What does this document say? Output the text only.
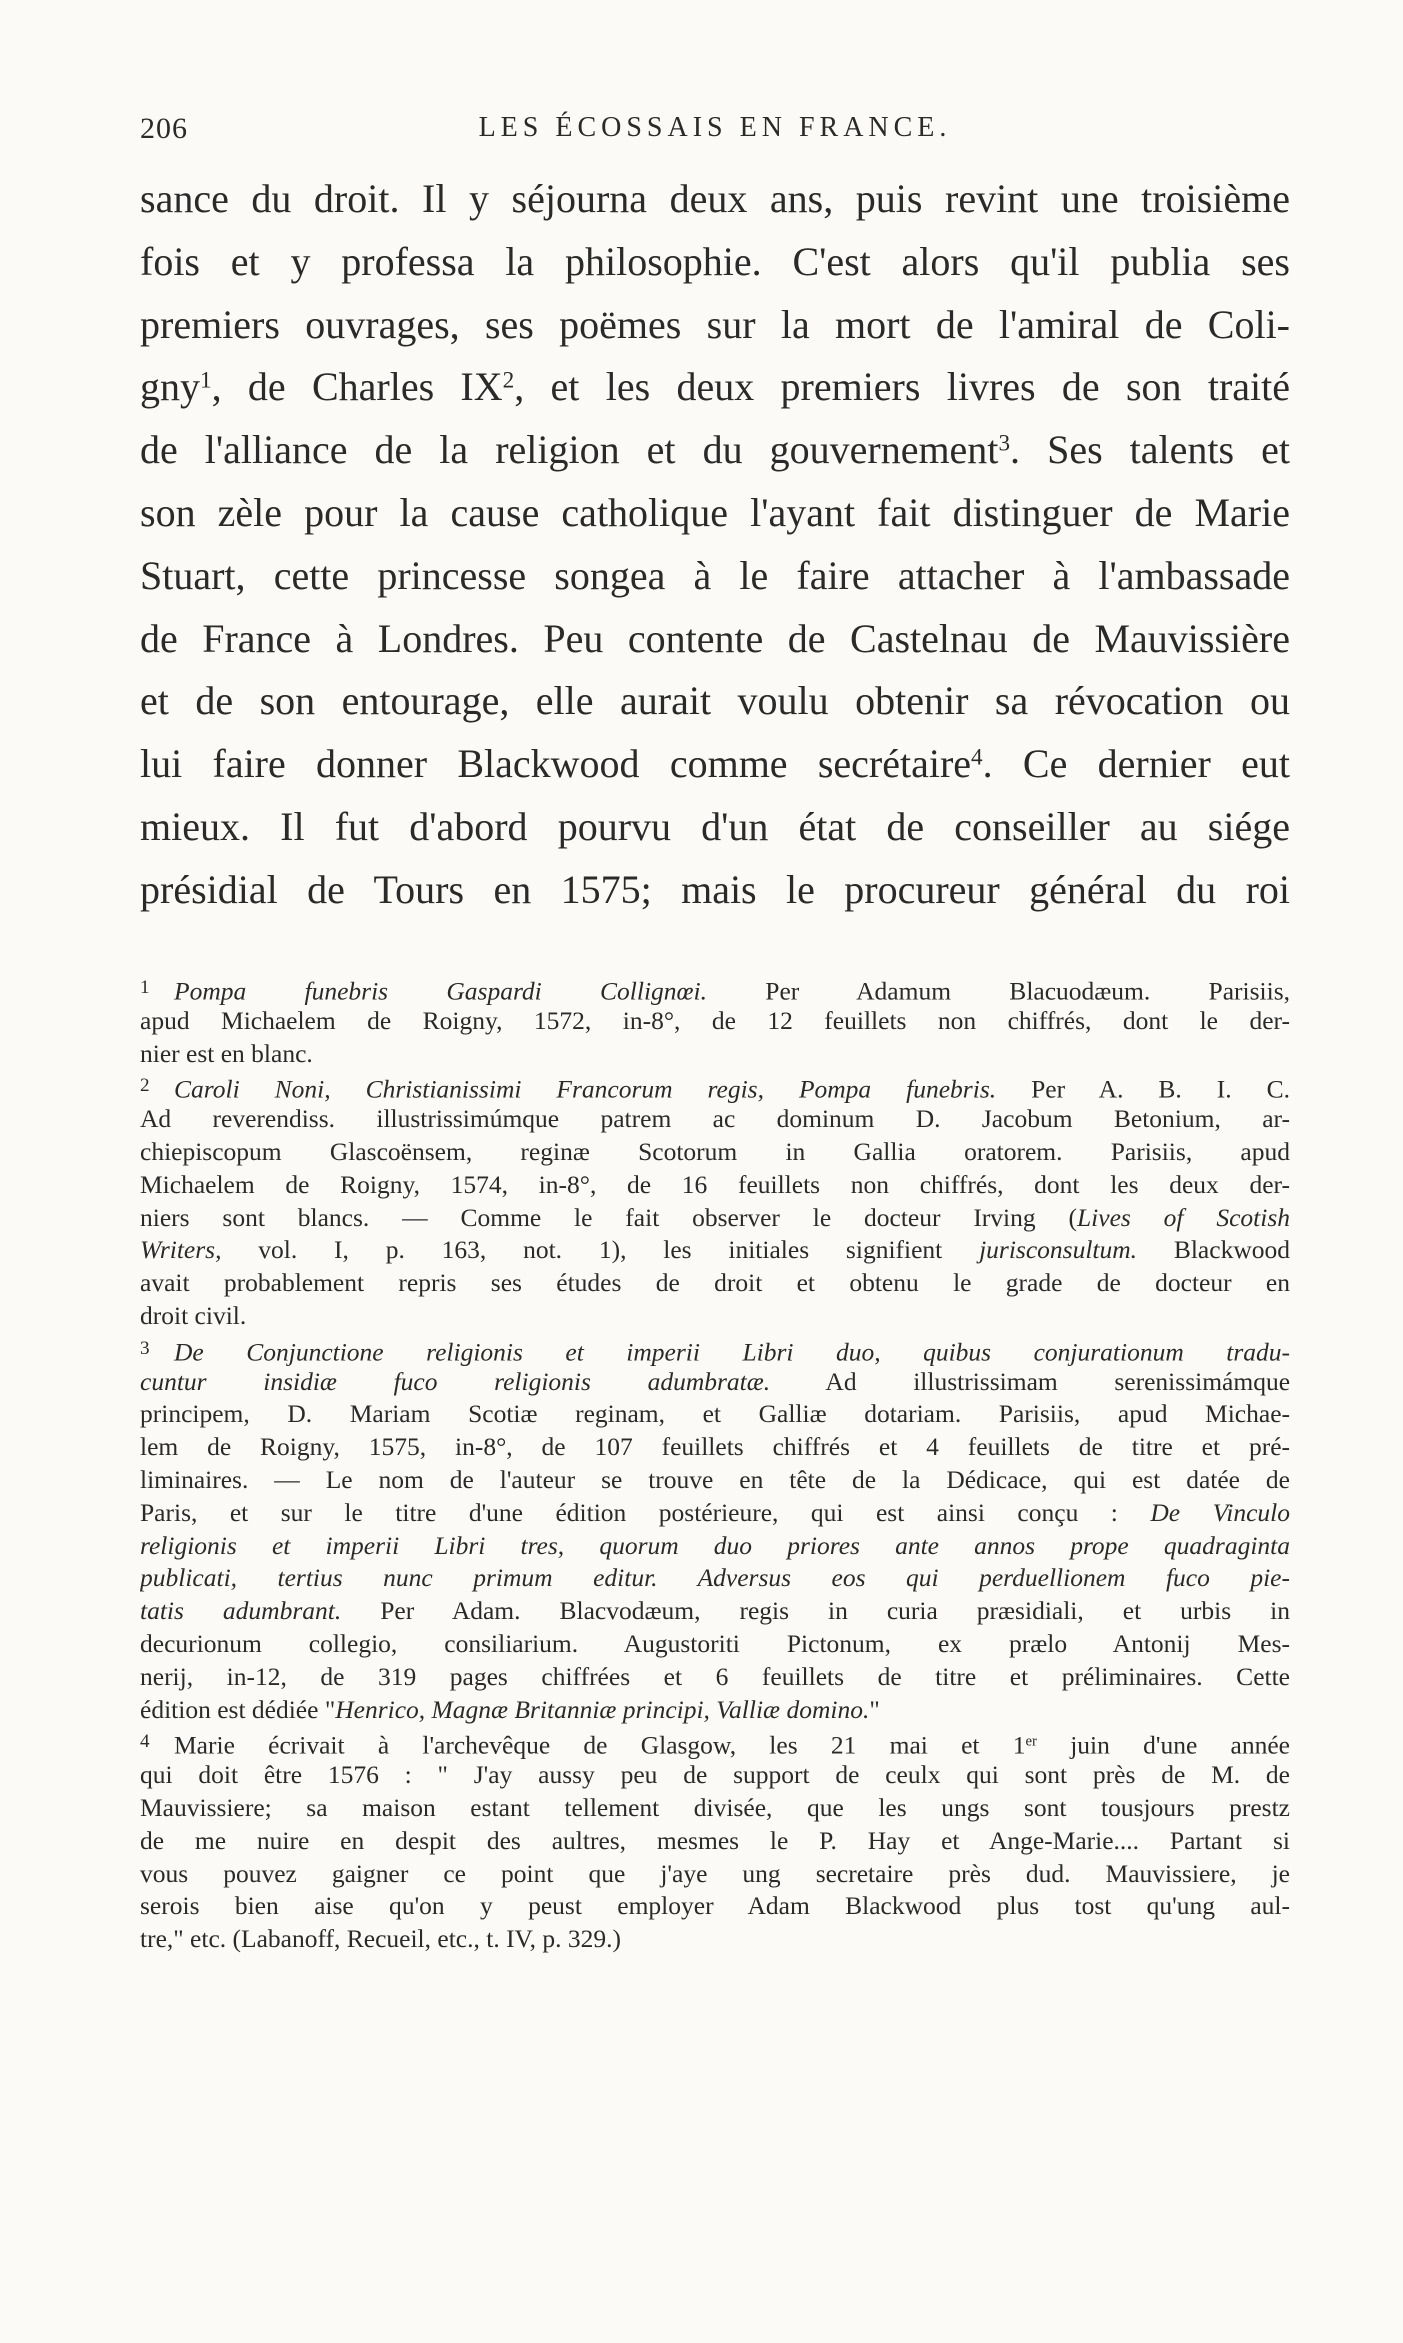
206	LES ÉCOSSAIS EN FRANCE.
sance du droit. Il y séjourna deux ans, puis revint une troisième
fois et y professa la philosophie. C'est alors qu'il publia ses
premiers ouvrages, ses poëmes sur la mort de l'amiral de Coli-
gny$^1$, de Charles $IX^2$, et les deux premiers livres de son traité
de l'alliance de la religion et du gouvernement$^3$. Ses talents et
son zèle pour la cause catholique l'ayant fait distinguer de Marie
Stuart, cette princesse songea à le faire attacher à l'ambassade
de France à Londres. Peu contente de Castelnau de Mauvissière
et de son entourage, elle aurait voulu obtenir sa révocation ou
lui faire donner Blackwood comme secrétaire$^4$. Ce dernier eut
mieux. Il fut d'abord pourvu d'un état de conseiller au siége
présidial de Tours en 1575; mais le procureur général du roi
1 Pompa funebris Gaspardi Collignœi. Per Adamum Blacuodæum. Parisiis,
apud Michaelem de Roigny, 1572, in-8°, de 12 feuillets non chiffrés, dont le der-
nier est en blanc.
2 Caroli Noni, Christianissimi Francorum regis, Pompa funebris. Per A. B. I. C.
Ad reverendiss. illustrissimúmque patrem ac dominum D. Jacobum Betonium, ar-
chiepiscopum Glascoënsem, reginæ Scotorum in Gallia oratorem. Parisiis, apud
Michaelem de Roigny, 1574, in-8°, de 16 feuillets non chiffrés, dont les deux der-
niers sont blancs. — Comme le fait observer le docteur Irving (Lives of Scotish
Writers, vol. I, p. 163, not. 1), les initiales signifient jurisconsultum. Blackwood
avait probablement repris ses études de droit et obtenu le grade de docteur en
droit civil.
3 De Conjunctione religionis et imperii Libri duo, quibus conjurationum tradu-
cuntur insidiæ fuco religionis adumbratæ. Ad illustrissimam serenissimámque
principem, D. Mariam Scotiæ reginam, et Galliæ dotariam. Parisiis, apud Michae-
lem de Roigny, 1575, in-8°, de 107 feuillets chiffrés et 4 feuillets de titre et pré-
liminaires. — Le nom de l'auteur se trouve en tête de la Dédicace, qui est datée de
Paris, et sur le titre d'une édition postérieure, qui est ainsi conçu : De Vinculo
religionis et imperii Libri tres, quorum duo priores ante annos prope quadraginta
publicati, tertius nunc primum editur. Adversus eos qui perduellionem fuco pie-
tatis adumbrant. Per Adam. Blacvodæum, regis in curia præsidiali, et urbis in
decurionum collegio, consiliarium. Augustoriti Pictonum, ex prælo Antonij Mes-
nerij, in-12, de 319 pages chiffrées et 6 feuillets de titre et préliminaires. Cette
édition est dédiée "Henrico, Magnæ Britanniæ principi, Valliæ domino."
4 Marie écrivait à l'archevêque de Glasgow, les 21 mai et 1er juin d'une année
qui doit être 1576 : " J'ay aussy peu de support de ceulx qui sont près de M. de
Mauvissiere; sa maison estant tellement divisée, que les ungs sont tousjours prestz
de me nuire en despit des aultres, mesmes le P. Hay et Ange-Marie.... Partant si
vous pouvez gaigner ce point que j'aye ung secretaire près dud. Mauvissiere, je
serois bien aise qu'on y peust employer Adam Blackwood plus tost qu'ung aul-
tre," etc. (Labanoff, Recueil, etc., t. IV, p. 329.)
